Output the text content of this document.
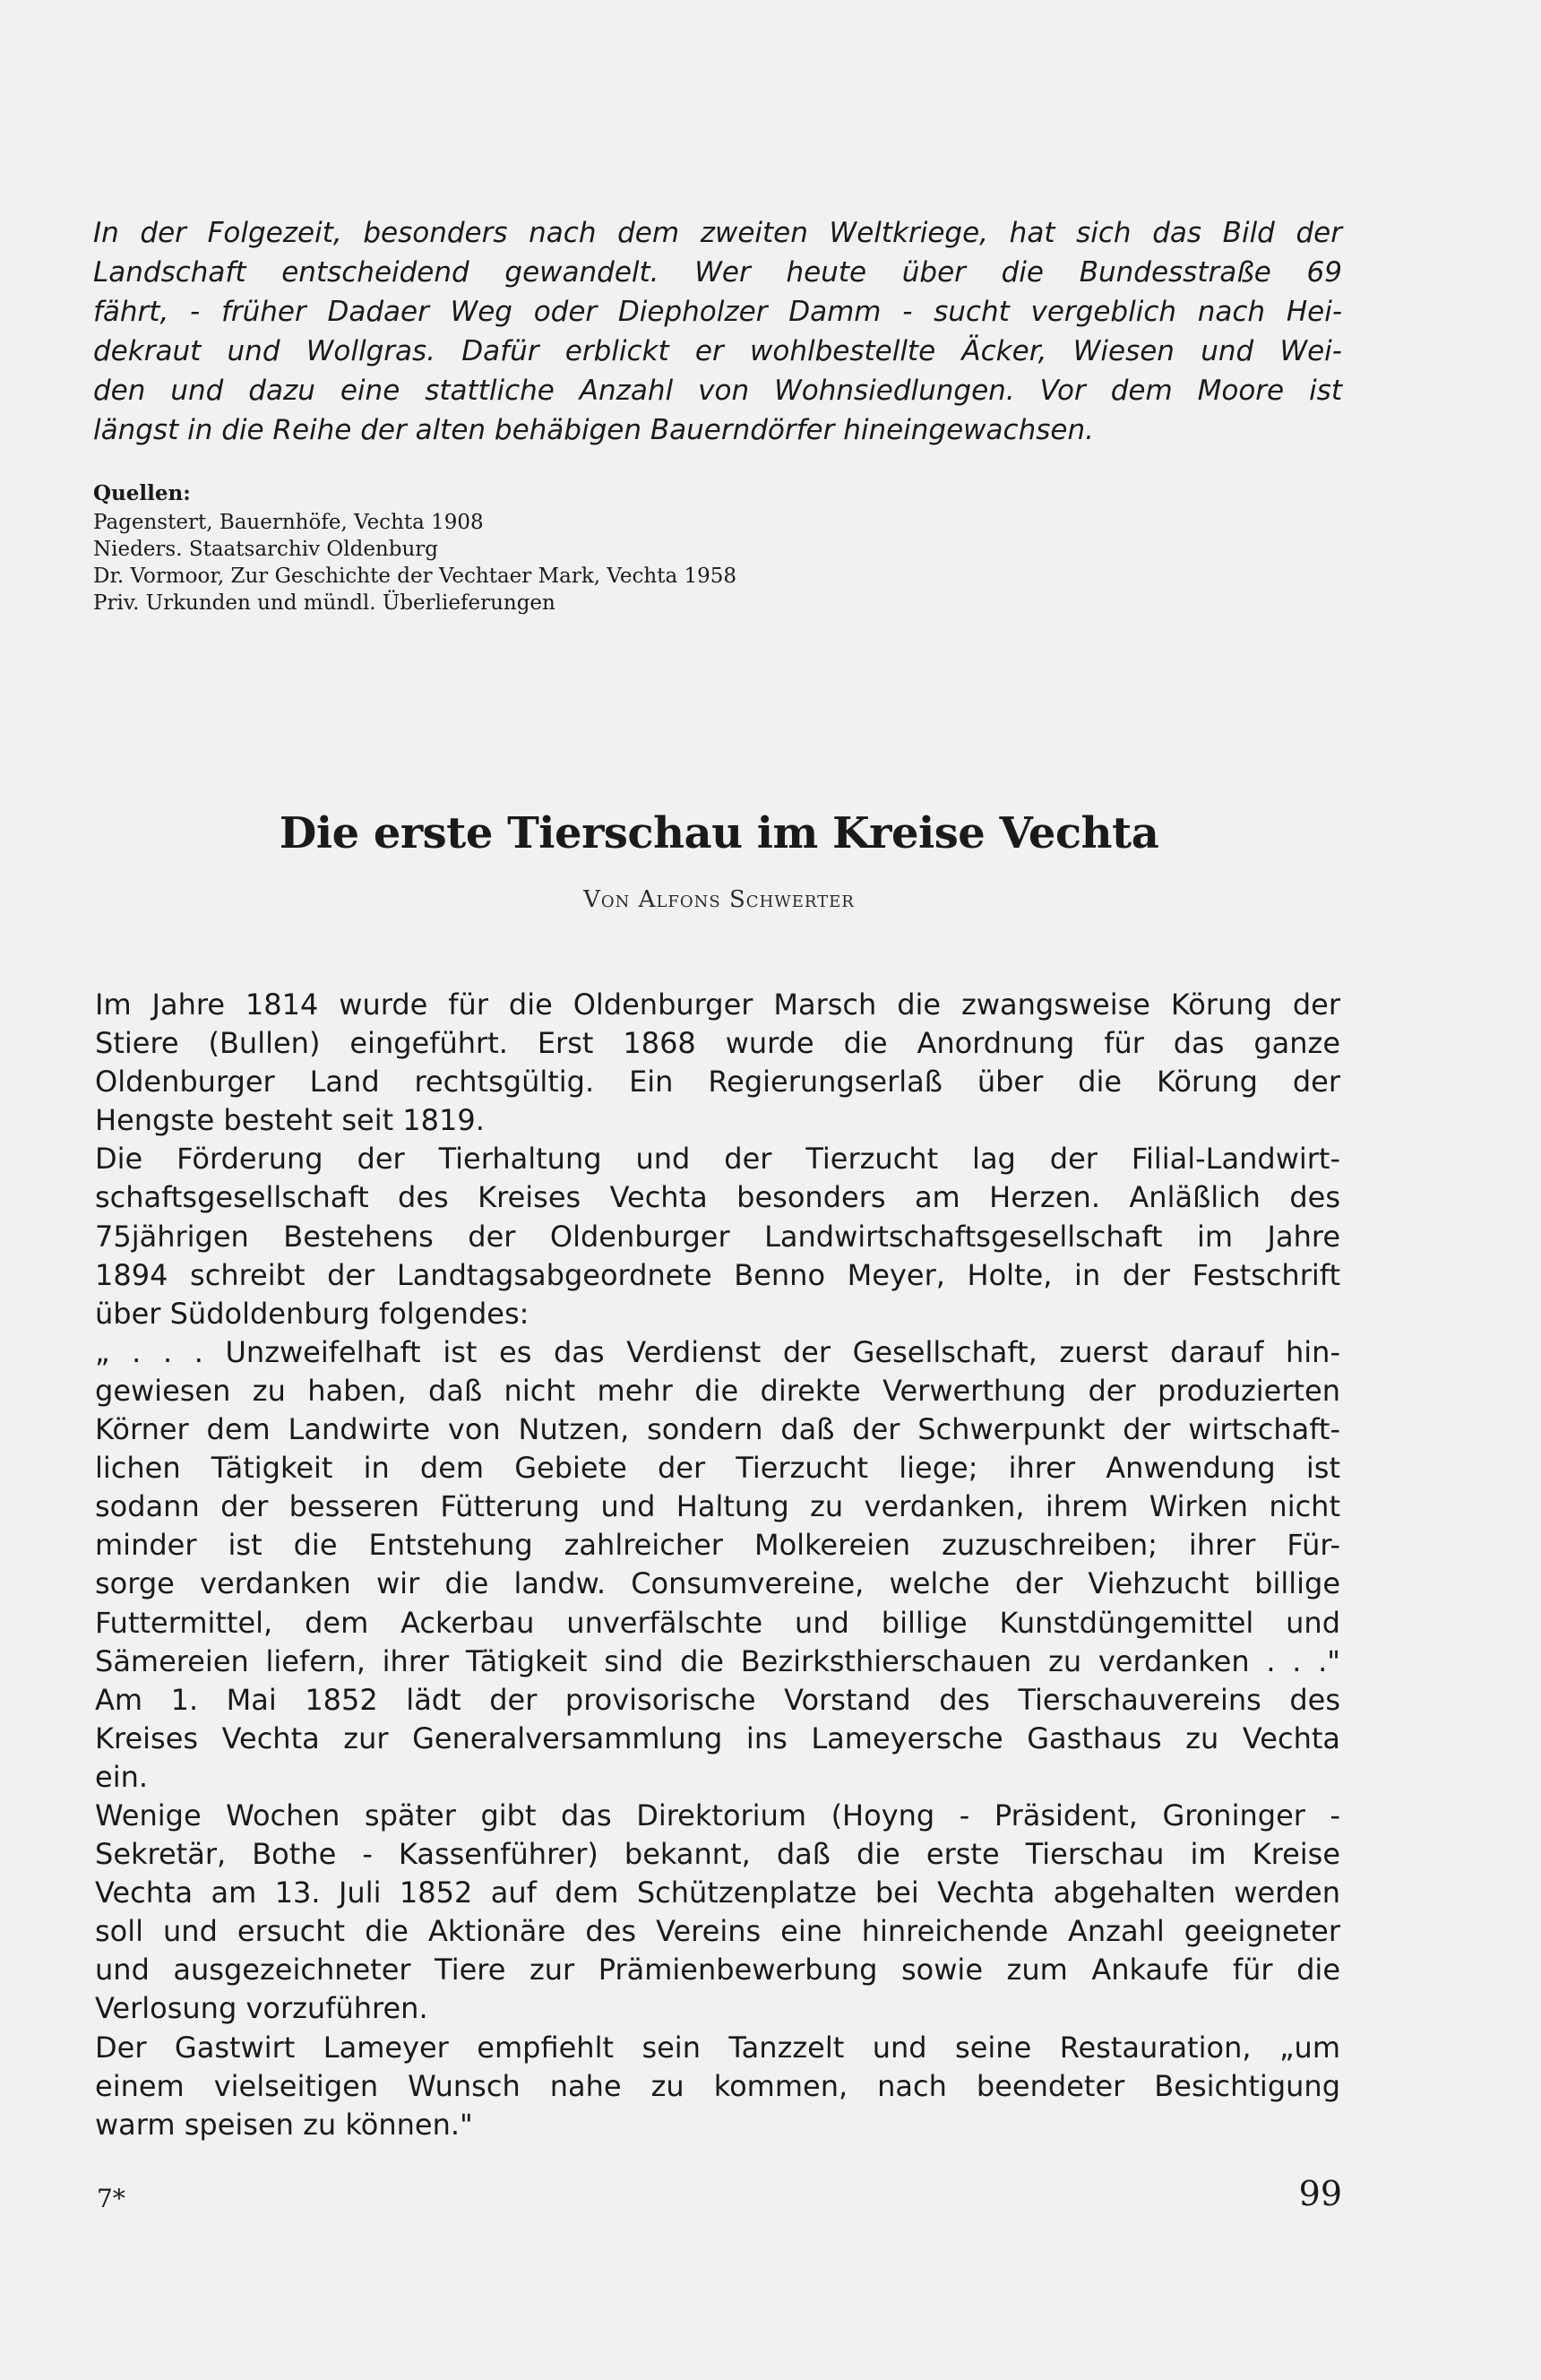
In der Folgezeit, besonders nach dem zweiten Weltkriege, hat sich das Bild der
Landschaft entscheidend gewandelt. Wer heute über die Bundesstraße 69
fährt, - früher Dadaer Weg oder Diepholzer Damm - sucht vergeblich nach Hei-
dekraut und Wollgras. Dafür erblickt er wohlbestellte Äcker, Wiesen und Wei-
den und dazu eine stattliche Anzahl von Wohnsiedlungen. Vor dem Moore ist
längst in die Reihe der alten behäbigen Bauerndörfer hineingewachsen.
Quellen:
Pagenstert, Bauernhöfe, Vechta 1908
Nieders. Staatsarchiv Oldenburg
Dr. Vormoor, Zur Geschichte der Vechtaer Mark, Vechta 1958
Priv. Urkunden und mündl. Überlieferungen
Die erste Tierschau im Kreise Vechta
Von Alfons Schwerter
Im Jahre 1814 wurde für die Oldenburger Marsch die zwangsweise Körung der
Stiere (Bullen) eingeführt. Erst 1868 wurde die Anordnung für das ganze
Oldenburger Land rechtsgültig. Ein Regierungserlaß über die Körung der
Hengste besteht seit 1819.
Die Förderung der Tierhaltung und der Tierzucht lag der Filial-Landwirt-
schaftsgesellschaft des Kreises Vechta besonders am Herzen. Anläßlich des
75jährigen Bestehens der Oldenburger Landwirtschaftsgesellschaft im Jahre
1894 schreibt der Landtagsabgeordnete Benno Meyer, Holte, in der Festschrift
über Südoldenburg folgendes:
„ . . . Unzweifelhaft ist es das Verdienst der Gesellschaft, zuerst darauf hin-
gewiesen zu haben, daß nicht mehr die direkte Verwerthung der produzierten
Körner dem Landwirte von Nutzen, sondern daß der Schwerpunkt der wirtschaft-
lichen Tätigkeit in dem Gebiete der Tierzucht liege; ihrer Anwendung ist
sodann der besseren Fütterung und Haltung zu verdanken, ihrem Wirken nicht
minder ist die Entstehung zahlreicher Molkereien zuzuschreiben; ihrer Für-
sorge verdanken wir die landw. Consumvereine, welche der Viehzucht billige
Futtermittel, dem Ackerbau unverfälschte und billige Kunstdüngemittel und
Sämereien liefern, ihrer Tätigkeit sind die Bezirksthierschauen zu verdanken . . ."
Am 1. Mai 1852 lädt der provisorische Vorstand des Tierschauvereins des
Kreises Vechta zur Generalversammlung ins Lameyersche Gasthaus zu Vechta
ein.
Wenige Wochen später gibt das Direktorium (Hoyng - Präsident, Groninger -
Sekretär, Bothe - Kassenführer) bekannt, daß die erste Tierschau im Kreise
Vechta am 13. Juli 1852 auf dem Schützenplatze bei Vechta abgehalten werden
soll und ersucht die Aktionäre des Vereins eine hinreichende Anzahl geeigneter
und ausgezeichneter Tiere zur Prämienbewerbung sowie zum Ankaufe für die
Verlosung vorzuführen.
Der Gastwirt Lameyer empfiehlt sein Tanzzelt und seine Restauration, „um
einem vielseitigen Wunsch nahe zu kommen, nach beendeter Besichtigung
warm speisen zu können."
7*	99
